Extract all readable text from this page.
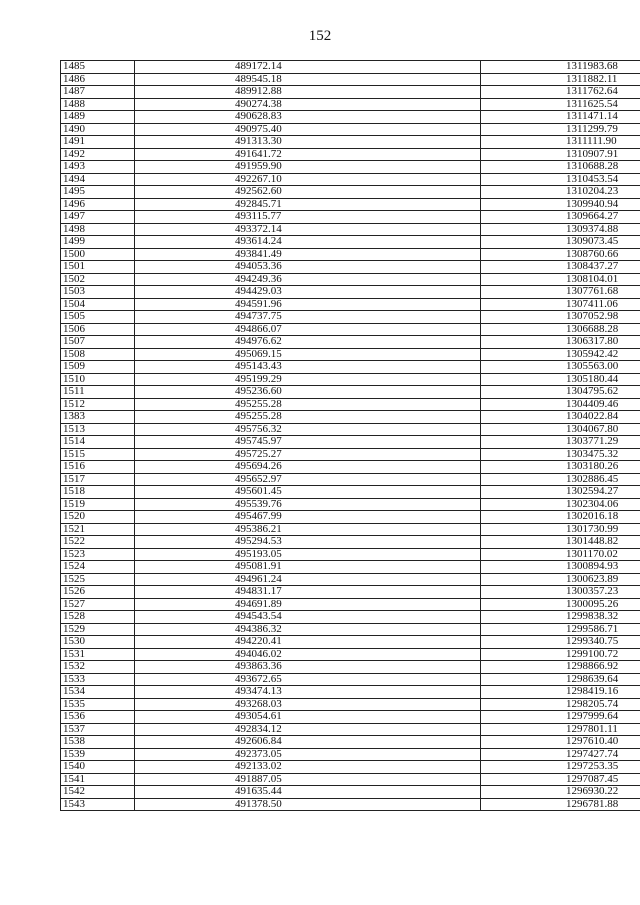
152
1485	489172.14	1311983.68
1486	489545.18	1311882.11
1487	489912.88	1311762.64
1488	490274.38	1311625.54
1489	490628.83	1311471.14
1490	490975.40	1311299.79
1491	491313.30	1311111.90
1492	491641.72	1310907.91
1493	491959.90	1310688.28
1494	492267.10	1310453.54
1495	492562.60	1310204.23
1496	492845.71	1309940.94
1497	493115.77	1309664.27
1498	493372.14	1309374.88
1499	493614.24	1309073.45
1500	493841.49	1308760.66
1501	494053.36	1308437.27
1502	494249.36	1308104.01
1503	494429.03	1307761.68
1504	494591.96	1307411.06
1505	494737.75	1307052.98
1506	494866.07	1306688.28
1507	494976.62	1306317.80
1508	495069.15	1305942.42
1509	495143.43	1305563.00
1510	495199.29	1305180.44
1511	495236.60	1304795.62
1512	495255.28	1304409.46
1383	495255.28	1304022.84
1513	495756.32	1304067.80
1514	495745.97	1303771.29
1515	495725.27	1303475.32
1516	495694.26	1303180.26
1517	495652.97	1302886.45
1518	495601.45	1302594.27
1519	495539.76	1302304.06
1520	495467.99	1302016.18
1521	495386.21	1301730.99
1522	495294.53	1301448.82
1523	495193.05	1301170.02
1524	495081.91	1300894.93
1525	494961.24	1300623.89
1526	494831.17	1300357.23
1527	494691.89	1300095.26
1528	494543.54	1299838.32
1529	494386.32	1299586.71
1530	494220.41	1299340.75
1531	494046.02	1299100.72
1532	493863.36	1298866.92
1533	493672.65	1298639.64
1534	493474.13	1298419.16
1535	493268.03	1298205.74
1536	493054.61	1297999.64
1537	492834.12	1297801.11
1538	492606.84	1297610.40
1539	492373.05	1297427.74
1540	492133.02	1297253.35
1541	491887.05	1297087.45
1542	491635.44	1296930.22
1543	491378.50	1296781.88
